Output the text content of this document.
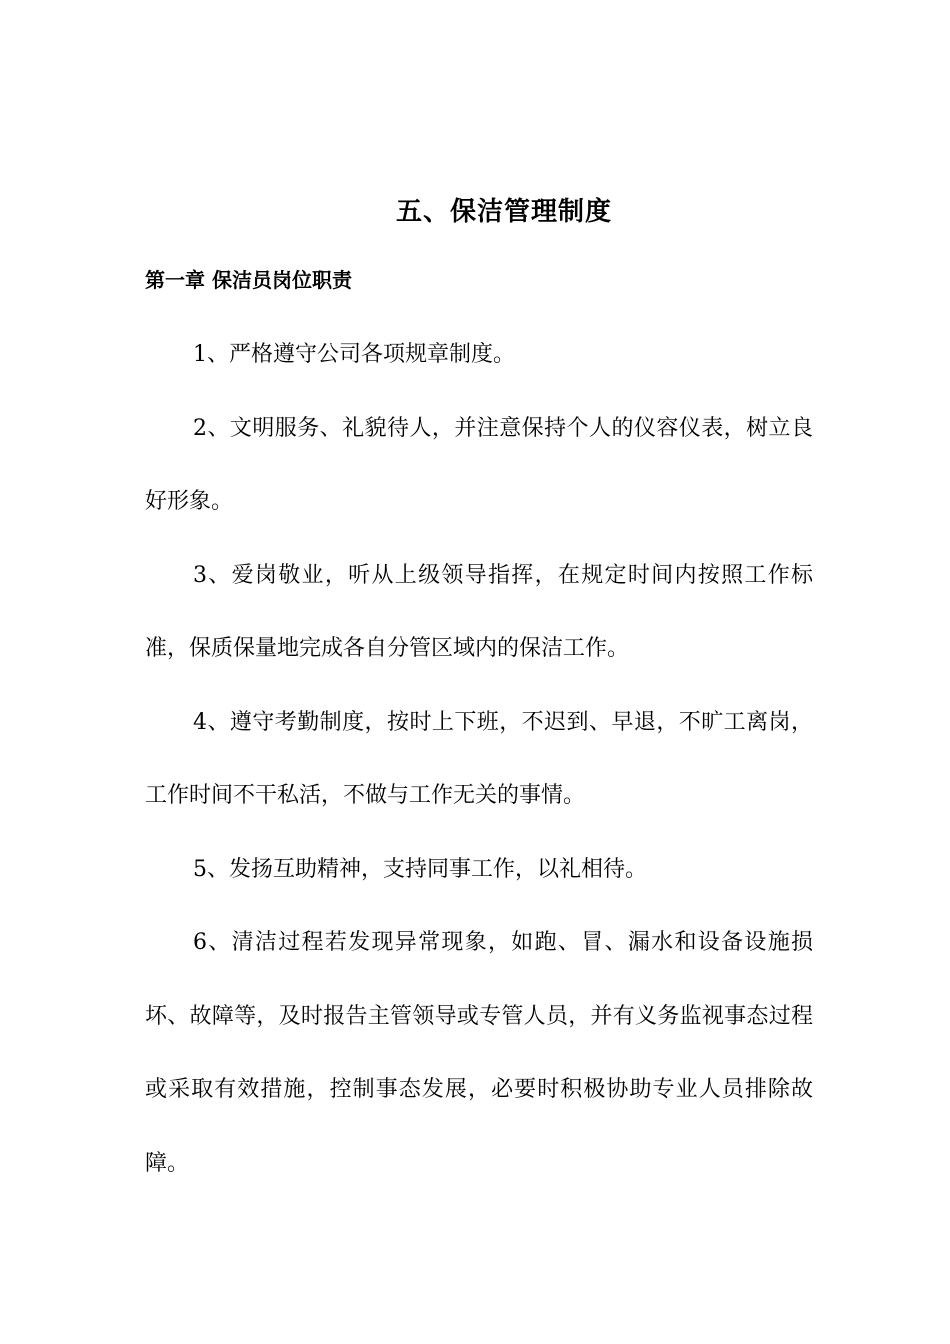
五、保洁管理制度
第一章 保洁员岗位职责

1、严格遵守公司各项规章制度。

2、文明服务、礼貌待人，并注意保持个人的仪容仪表，树立良好形象。

3、爱岗敬业，听从上级领导指挥，在规定时间内按照工作标准，保质保量地完成各自分管区域内的保洁工作。

4、遵守考勤制度，按时上下班，不迟到、早退，不旷工离岗，工作时间不干私活，不做与工作无关的事情。

5、发扬互助精神，支持同事工作，以礼相待。

6、清洁过程若发现异常现象，如跑、冒、漏水和设备设施损坏、故障等，及时报告主管领导或专管人员，并有义务监视事态过程或采取有效措施，控制事态发展，必要时积极协助专业人员排除故障。
